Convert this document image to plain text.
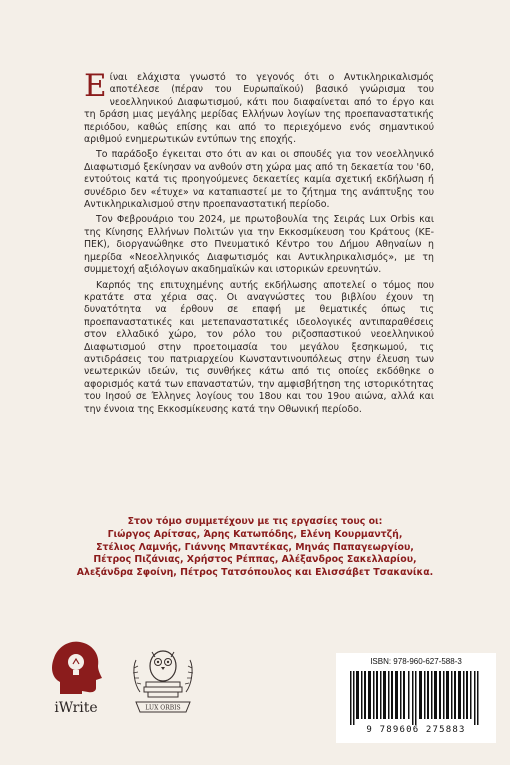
Είναι ελάχιστα γνωστό το γεγονός ότι ο Αντικληρικαλισμός αποτέλεσε (πέραν του Ευρωπαϊκού) βασικό γνώρισμα του νεοελληνικού Διαφωτισμού, κάτι που διαφαίνεται από το έργο και τη δράση μιας μεγάλης μερίδας Ελλήνων λογίων της προεπαναστατικής περιόδου, καθώς επίσης και από το περιεχόμενο ενός σημαντικού αριθμού ενημερωτικών εντύπων της εποχής.

Το παράδοξο έγκειται στο ότι αν και οι σπουδές για τον νεοελληνικό Διαφωτισμό ξεκίνησαν να ανθούν στη χώρα μας από τη δεκαετία του '60, εντούτοις κατά τις προηγούμενες δεκαετίες καμία σχετική εκδήλωση ή συνέδριο δεν «έτυχε» να καταπιαστεί με το ζήτημα της ανάπτυξης του Αντικληρικαλισμού στην προεπαναστατική περίοδο.

Τον Φεβρουάριο του 2024, με πρωτοβουλία της Σειράς Lux Orbis και της Κίνησης Ελλήνων Πολιτών για την Εκκοσμίκευση του Κράτους (ΚΕ-ΠΕΚ), διοργανώθηκε στο Πνευματικό Κέντρο του Δήμου Αθηναίων η ημερίδα «Νεοελληνικός Διαφωτισμός και Αντικληρικαλισμός», με τη συμμετοχή αξιόλογων ακαδημαϊκών και ιστορικών ερευνητών.

Καρπός της επιτυχημένης αυτής εκδήλωσης αποτελεί ο τόμος που κρατάτε στα χέρια σας. Οι αναγνώστες του βιβλίου έχουν τη δυνατότητα να έρθουν σε επαφή με θεματικές όπως τις προεπαναστατικές και μετεπαναστατικές ιδεολογικές αντιπαραθέσεις στον ελλαδικό χώρο, τον ρόλο του ριζοσπαστικού νεοελληνικού Διαφωτισμού στην προετοιμασία του μεγάλου ξεσηκωμού, τις αντιδράσεις του πατριαρχείου Κωνσταντινουπόλεως στην έλευση των νεωτερικών ιδεών, τις συνθήκες κάτω από τις οποίες εκδόθηκε ο αφορισμός κατά των επαναστατών, την αμφισβήτηση της ιστορικότητας του Ιησού σε Έλληνες λογίους του 18ου και του 19ου αιώνα, αλλά και την έννοια της Εκκοσμίκευσης κατά την Οθωνική περίοδο.

Στον τόμο συμμετέχουν με τις εργασίες τους οι:
Γιώργος Αρίτσας, Άρης Κατωπόδης, Ελένη Κουρμαντζή,
Στέλιος Λαμνής, Γιάννης Μπαντέκας, Μηνάς Παπαγεωργίου,
Πέτρος Πιζάνιας, Χρήστος Ρέππας, Αλέξανδρος Σακελλαρίου,
Αλεξάνδρα Σφοίνη, Πέτρος Τατσόπουλος και Ελισσάβετ Τσακανίκα.
iWrite	LUX ORBIS
ISBN: 978-960-627-588-3
9 789606 275883
